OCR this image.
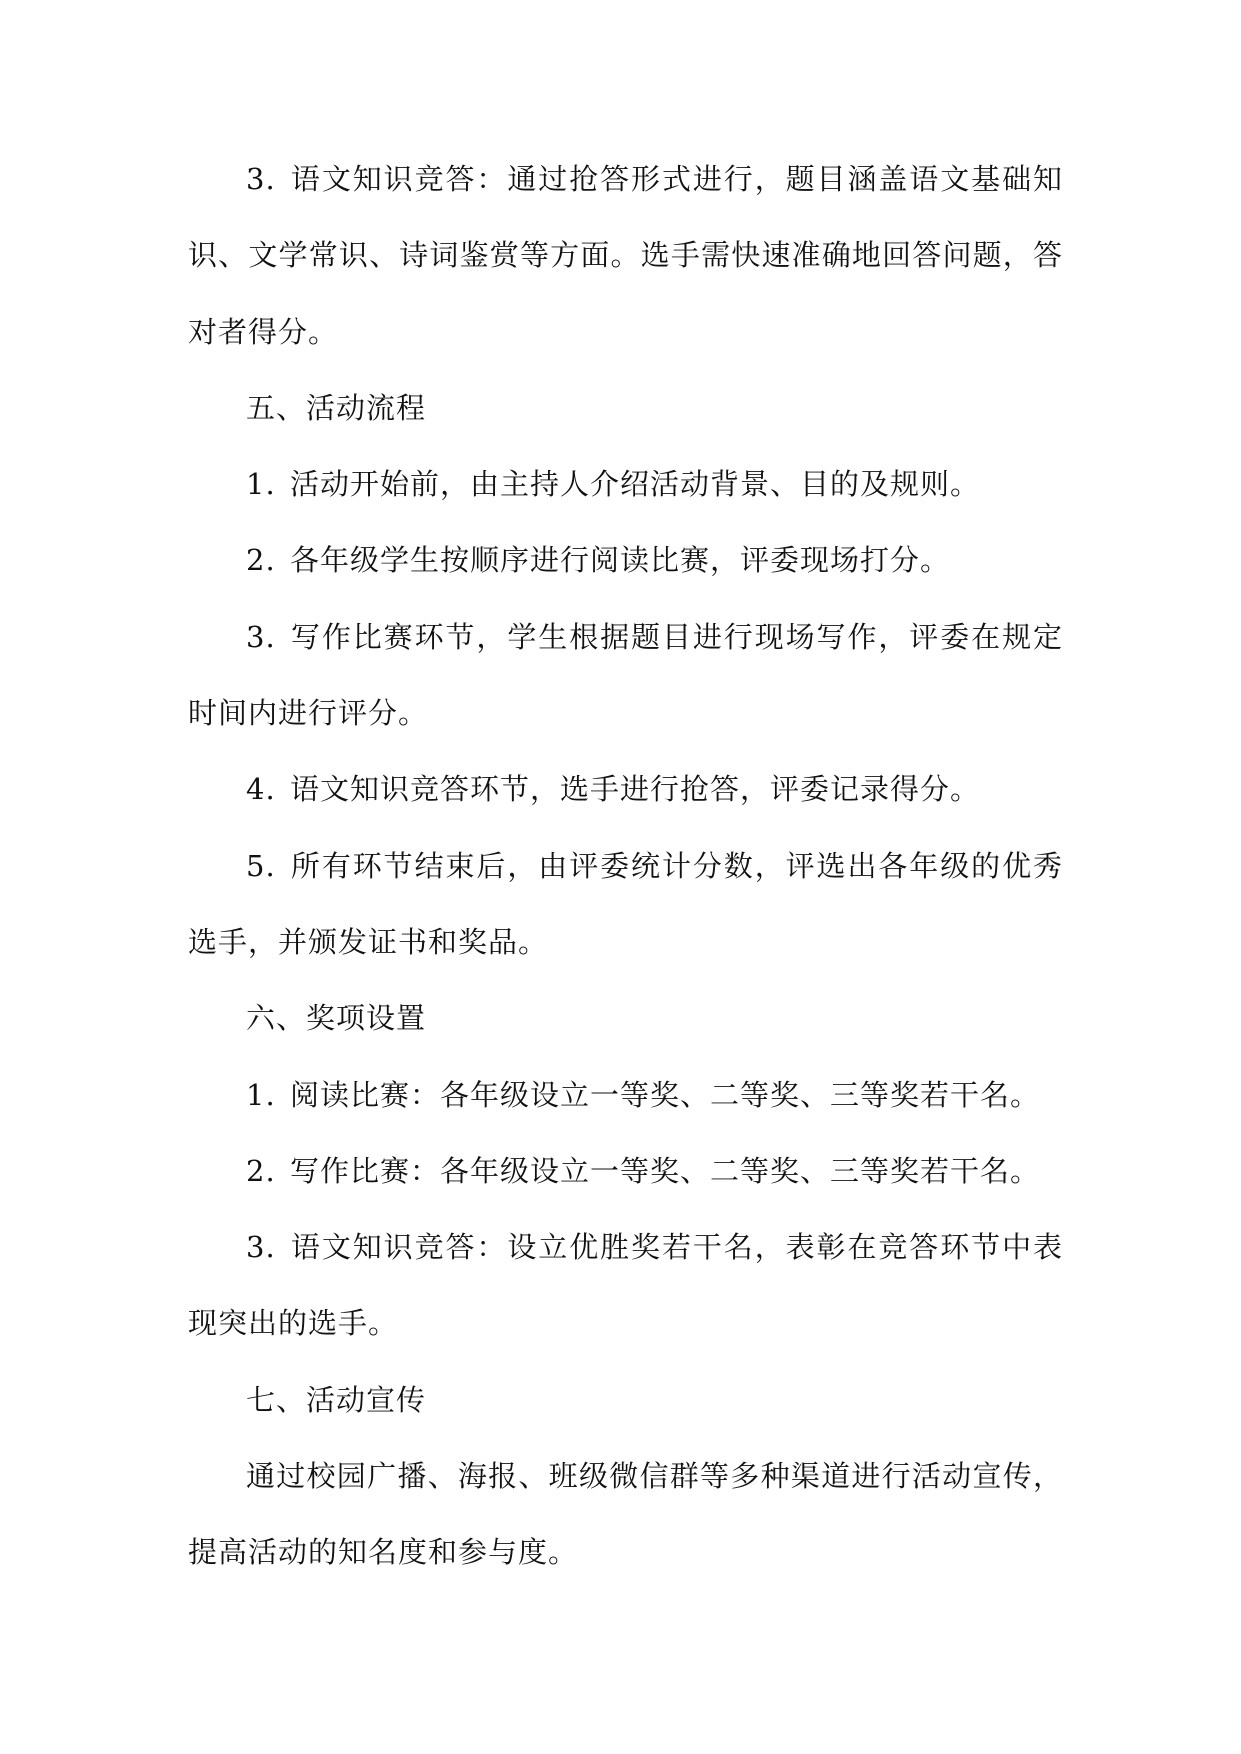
3. 语文知识竞答：通过抢答形式进行，题目涵盖语文基础知识、文学常识、诗词鉴赏等方面。选手需快速准确地回答问题，答对者得分。

五、活动流程

1. 活动开始前，由主持人介绍活动背景、目的及规则。

2. 各年级学生按顺序进行阅读比赛，评委现场打分。

3. 写作比赛环节，学生根据题目进行现场写作，评委在规定时间内进行评分。

4. 语文知识竞答环节，选手进行抢答，评委记录得分。

5. 所有环节结束后，由评委统计分数，评选出各年级的优秀选手，并颁发证书和奖品。

六、奖项设置

1. 阅读比赛：各年级设立一等奖、二等奖、三等奖若干名。

2. 写作比赛：各年级设立一等奖、二等奖、三等奖若干名。

3. 语文知识竞答：设立优胜奖若干名，表彰在竞答环节中表现突出的选手。

七、活动宣传

通过校园广播、海报、班级微信群等多种渠道进行活动宣传，提高活动的知名度和参与度。
